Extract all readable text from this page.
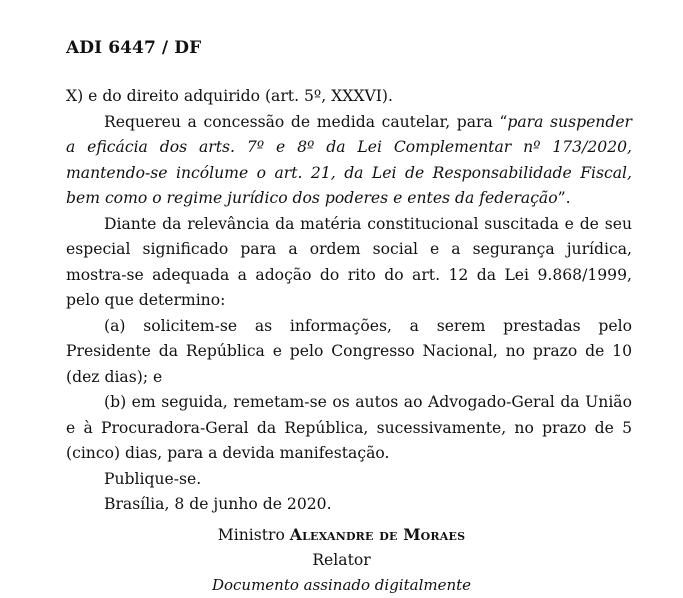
ADI 6447 / DF

X) e do direito adquirido (art. 5º, XXXVI).

Requereu a concessão de medida cautelar, para “para suspender a eficácia dos arts. 7º e 8º da Lei Complementar nº 173/2020, mantendo-se incólume o art. 21, da Lei de Responsabilidade Fiscal, bem como o regime jurídico dos poderes e entes da federação”.

Diante da relevância da matéria constitucional suscitada e de seu especial significado para a ordem social e a segurança jurídica, mostra-se adequada a adoção do rito do art. 12 da Lei 9.868/1999, pelo que determino:

(a) solicitem-se as informações, a serem prestadas pelo Presidente da República e pelo Congresso Nacional, no prazo de 10 (dez dias); e

(b) em seguida, remetam-se os autos ao Advogado-Geral da União e à Procuradora-Geral da República, sucessivamente, no prazo de 5 (cinco) dias, para a devida manifestação.

Publique-se.

Brasília, 8 de junho de 2020.

Ministro Alexandre de Moraes
Relator
Documento assinado digitalmente
